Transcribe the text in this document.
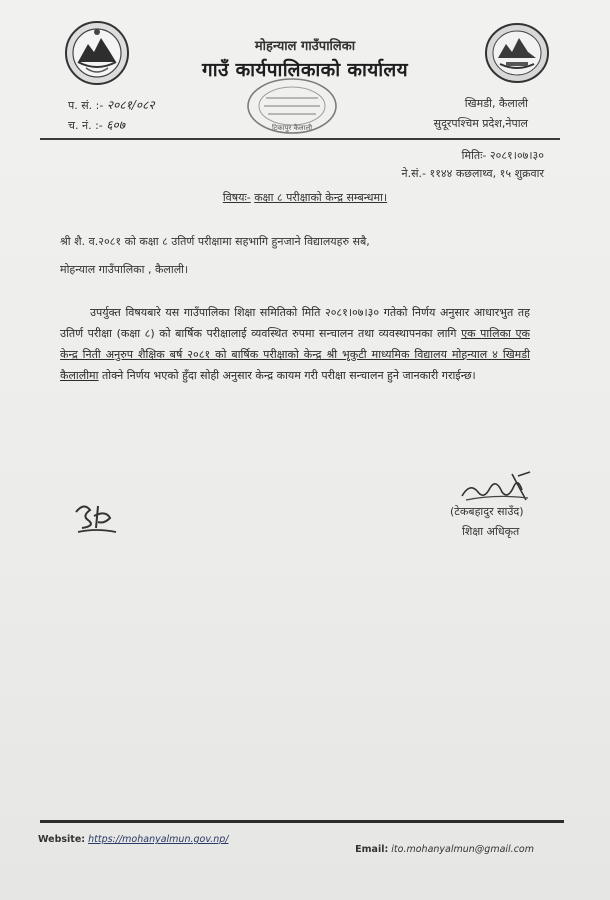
मोहन्याल गाउँपालिका
गाउँ कार्यपालिकाको कार्यालय
टिकापुर कैलाली
प. सं. :- २०८१/०८२
च. नं. :- ६०७
खिमडी, कैलाली
सुदूरपश्चिम प्रदेश,नेपाल
मितिः- २०८१।०७।३०
ने.सं.- ११४४ कछलाथ्व, १५ शुक्रवार
विषयः- कक्षा ८ परीक्षाको केन्द्र सम्बन्धमा।
श्री शै. व.२०८१ को कक्षा ८ उतिर्ण परीक्षामा सहभागि हुनजाने विद्यालयहरु सबै,
मोहन्याल गाउँपालिका , कैलाली।
उपर्युक्त विषयबारे यस गाउँपालिका शिक्षा समितिको मिति २०८१।०७।३० गतेको निर्णय अनुसार आधारभुत तह उतिर्ण परीक्षा (कक्षा ८) को बार्षिक परीक्षालाई व्यवस्थित रुपमा सन्चालन तथा व्यवस्थापनका लागि एक पालिका एक केन्द्र निती अनुरुप शैक्षिक बर्ष २०८१ को बार्षिक परीक्षाको केन्द्र श्री भृकुटी माध्यमिक विद्यालय मोहन्याल ४ खिमडी कैलालीमा तोक्ने निर्णय भएको हुँदा सोही अनुसार केन्द्र कायम गरी परीक्षा सन्चालन हुने जानकारी गराईन्छ।
(टेकबहादुर साउँद)
शिक्षा अधिकृत
Website: https://mohanyalmun.gov.np/
Email: ito.mohanyalmun@gmail.com
